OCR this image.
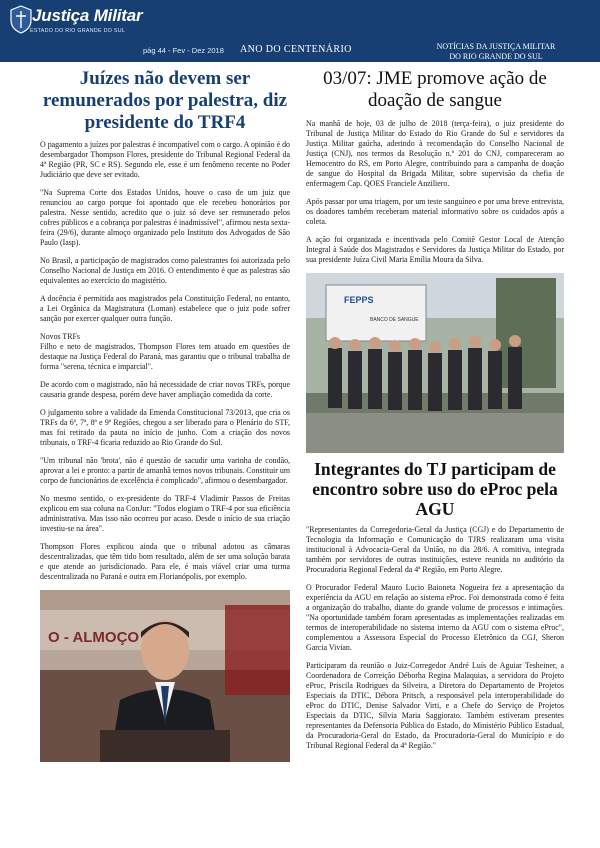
Justiça Militar
ESTADO DO RIO GRANDE DO SUL
pág 44 - Fev - Dez 2018 ANO DO CENTENÁRIO	NOTÍCIAS DA JUSTIÇA MILITAR
DO RIO GRANDE DO SUL
Juízes não devem ser remunerados por palestra, diz presidente do TRF4

O pagamento a juízes por palestras é incompatível com o cargo. A opinião é do desembargador Thompson Flores, presidente do Tribunal Regional Federal da 4ª Região (PR, SC e RS). Segundo ele, esse é um fenômeno recente no Poder Judiciário que deve ser evitado.

"Na Suprema Corte dos Estados Unidos, houve o caso de um juiz que renunciou ao cargo porque foi apontado que ele recebeu honorários por palestra. Nesse sentido, acredito que o juiz só deve ser remunerado pelos cofres públicos e a cobrança por palestras é inadmissível", afirmou nesta sexta-feira (29/6), durante almoço organizado pelo Instituto dos Advogados de São Paulo (Iasp).

No Brasil, a participação de magistrados como palestrantes foi autorizada pelo Conselho Nacional de Justiça em 2016. O entendimento é que as palestras são equivalentes ao exercício do magistério.

A docência é permitida aos magistrados pela Constituição Federal, no entanto, a Lei Orgânica da Magistratura (Loman) estabelece que o juiz pode sofrer sanção por exercer qualquer outra função.

Novos TRFs
Filho e neto de magistrados, Thompson Flores tem atuado em questões de destaque na Justiça Federal do Paraná, mas garantiu que o tribunal trabalha de forma "serena, técnica e imparcial".

De acordo com o magistrado, não há necessidade de criar novos TRFs, porque causaria grande despesa, porém deve haver ampliação comedida da corte.

O julgamento sobre a validade da Emenda Constitucional 73/2013, que cria os TRFs da 6ª, 7ª, 8ª e 9ª Regiões, chegou a ser liberado para o Plenário do STF, mas foi retirado da pauta no início de junho. Com a criação dos novos tribunais, o TRF-4 ficaria reduzido ao Rio Grande do Sul.

"Um tribunal não 'brota', não é questão de sacudir uma varinha de condão, aprovar a lei e pronto: a partir de amanhã temos novos tribunais. Constituir um corpo de funcionários de excelência é complicado", afirmou o desembargador.

No mesmo sentido, o ex-presidente do TRF-4 Vladimir Passos de Freitas explicou em sua coluna na ConJur: "Todos elogiam o TRF-4 por sua eficiência administrativa. Mas isso não ocorreu por acaso. Desde o início de sua criação investiu-se na área".

Thompson Flores explicou ainda que o tribunal adotou as câmaras descentralizadas, que têm tido bom resultado, além de ser uma solução barata e que atende ao jurisdicionado. Para ele, é mais viável criar uma turma descentralizada no Paraná e outra em Florianópolis, por exemplo.

O - ALMOÇO
03/07: JME promove ação de doação de sangue

Na manhã de hoje, 03 de julho de 2018 (terça-feira), o juiz presidente do Tribunal de Justiça Militar do Estado do Rio Grande do Sul e servidores da Justiça Militar gaúcha, aderindo à recomendação do Conselho Nacional de Justiça (CNJ), nos termos da Resolução n.º 201 do CNJ, compareceram ao Hemocentro do RS, em Porto Alegre, contribuindo para a campanha de doação de sangue do Hospital da Brigada Militar, sobre supervisão da chefia de enfermagem Cap. QOES Franciele Anziliero.

Após passar por uma triagem, por um teste sanguíneo e por uma breve entrevista, os doadores também receberam material informativo sobre os cuidados após a coleta.

A ação foi organizada e incentivada pelo Comitê Gestor Local de Atenção Integral à Saúde dos Magistrados e Servidores da Justiça Militar do Estado, por sua presidente Juíza Civil Maria Emília Moura da Silva.

FEPPS
BANCO DE SANGUE
Integrantes do TJ participam de encontro sobre uso do eProc pela AGU

"Representantes da Corregedoria-Geral da Justiça (CGJ) e do Departamento de Tecnologia da Informação e Comunicação do TJRS realizaram uma visita institucional à Advocacia-Geral da União, no dia 28/6. A comitiva, integrada também por servidores de outras instituições, esteve reunida no auditório da Procuradoria Regional Federal da 4ª Região, em Porto Alegre.

O Procurador Federal Mauro Lucio Baioneta Nogueira fez a apresentação da experiência da AGU em relação ao sistema eProc. Foi demonstrada como é feita a organização do trabalho, diante do grande volume de processos e intimações. "Na oportunidade também foram apresentadas as implementações realizadas em termos de interoperabilidade no sistema interno da AGU com o sistema eProc", complementou a Assessora Especial do Processo Eletrônico da CGJ, Sheron Garcia Vivian.

Participaram da reunião o Juiz-Corregedor André Luís de Aguiar Tesheiner, a Coordenadora de Correição Déborha Regina Malaquias, a servidora do Projeto eProc, Priscila Rodrigues da Silveira, a Diretora do Departamento de Projetos Especiais da DTIC, Débora Pritsch, a responsável pela interoperabilidade do eProc do DTIC, Denise Salvador Virti, e a Chefe do Serviço de Projetos Especiais da DTIC, Sílvia Maria Saggiorato. Também estiveram presentes representantes da Defensoria Pública do Estado, do Ministério Público Estadual, da Procuradoria-Geral do Estado, da Procuradoria-Geral do Município e do Tribunal Regional Federal da 4ª Região."
